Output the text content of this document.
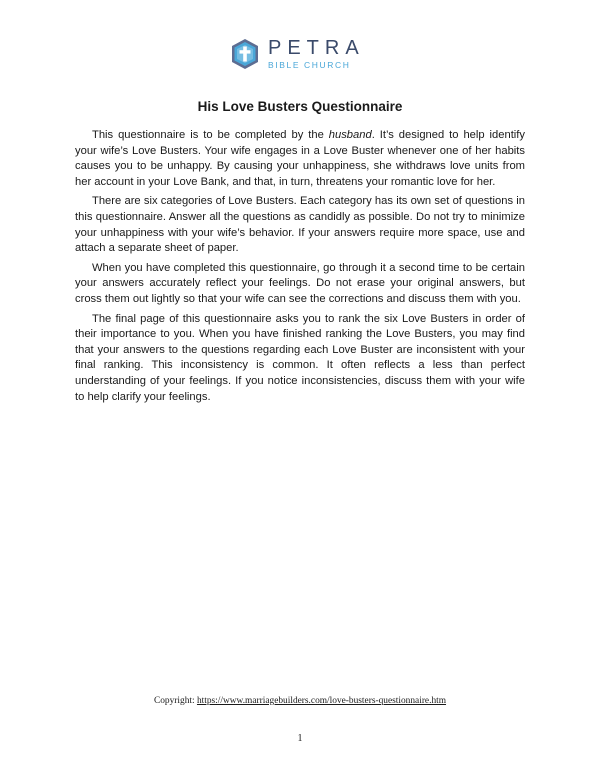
PETRA
BIBLE CHURCH
His Love Busters Questionnaire

This questionnaire is to be completed by the husband. It’s designed to help identify your wife’s Love Busters. Your wife engages in a Love Buster whenever one of her habits causes you to be unhappy. By causing your unhappiness, she withdraws love units from her account in your Love Bank, and that, in turn, threatens your romantic love for her.

There are six categories of Love Busters. Each category has its own set of questions in this questionnaire. Answer all the questions as candidly as possible. Do not try to minimize your unhappiness with your wife’s behavior. If your answers require more space, use and attach a separate sheet of paper.

When you have completed this questionnaire, go through it a second time to be certain your answers accurately reflect your feelings. Do not erase your original answers, but cross them out lightly so that your wife can see the corrections and discuss them with you.

The final page of this questionnaire asks you to rank the six Love Busters in order of their importance to you. When you have finished ranking the Love Busters, you may find that your answers to the questions regarding each Love Buster are inconsistent with your final ranking. This inconsistency is common. It often reflects a less than perfect understanding of your feelings. If you notice inconsistencies, discuss them with your wife to help clarify your feelings.

Copyright: https://www.marriagebuilders.com/love-busters-questionnaire.htm
1
